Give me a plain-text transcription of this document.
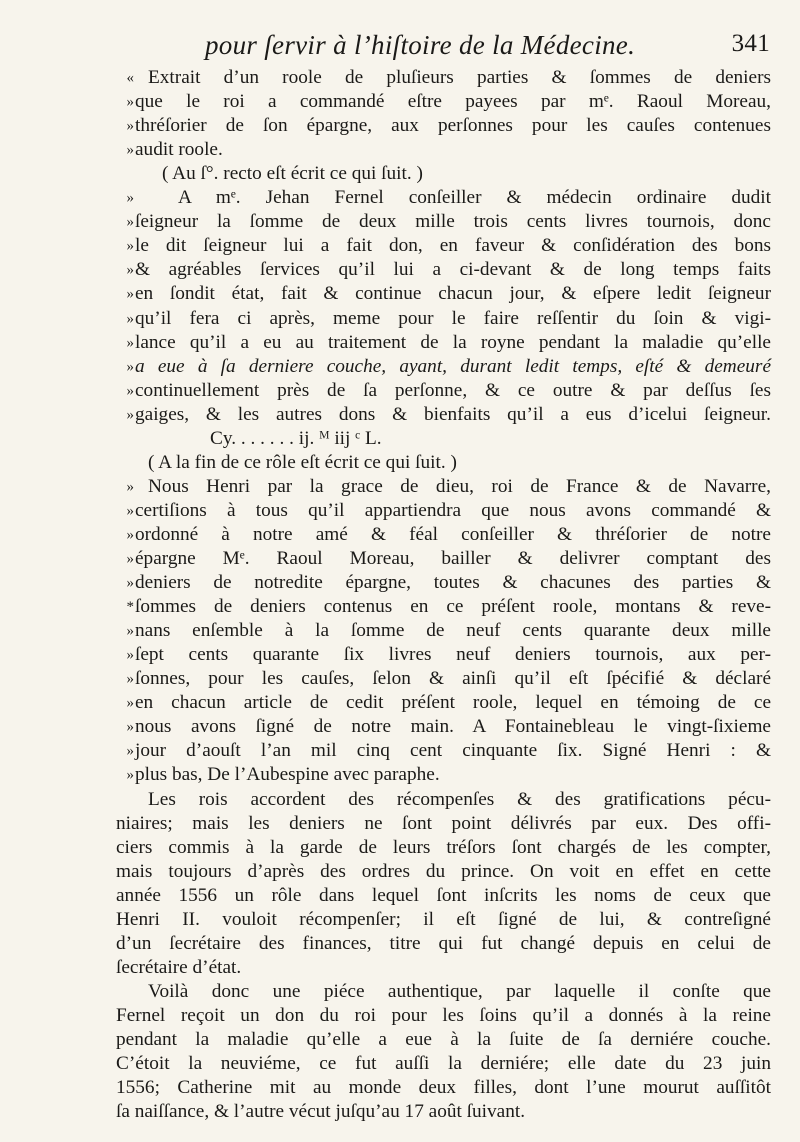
pour ſervir à l’hiſtoire de la Médecine.	341
« Extrait d’un roole de pluſieurs parties & ſommes de deniers
» que le roi a commandé eſtre payees par mᵉ. Raoul Moreau,
» thréſorier de ſon épargne, aux perſonnes pour les cauſes contenues
» audit roole.
( Au ſ°. recto eſt écrit ce qui ſuit. )
» A mᵉ. Jehan Fernel conſeiller & médecin ordinaire dudit
» ſeigneur la ſomme de deux mille trois cents livres tournois, donc
» le dit ſeigneur lui a fait don, en faveur & conſidération des bons
» & agréables ſervices qu’il lui a ci-devant & de long temps faits
» en ſondit état, fait & continue chacun jour, & eſpere ledit ſeigneur
» qu’il fera ci après, meme pour le faire reſſentir du ſoin & vigi-
» lance qu’il a eu au traitement de la royne pendant la maladie qu’elle
» a eue à ſa derniere couche, ayant, durant ledit temps, eſté & demeuré
» continuellement près de ſa perſonne, & ce outre & par deſſus ſes
» gaiges, & les autres dons & bienfaits qu’il a eus d’icelui ſeigneur.
Cy. . . . . . . ij. ᴹ iij ᶜ L.
( A la fin de ce rôle eſt écrit ce qui ſuit. )
» Nous Henri par la grace de dieu, roi de France & de Navarre,
» certiſions à tous qu’il appartiendra que nous avons commandé &
» ordonné à notre amé & féal conſeiller & thréſorier de notre
» épargne Mᵉ. Raoul Moreau, bailler & delivrer comptant des
» deniers de notredite épargne, toutes & chacunes des parties &
* ſommes de deniers contenus en ce préſent roole, montans & reve-
» nans enſemble à la ſomme de neuf cents quarante deux mille
» ſept cents quarante ſix livres neuf deniers tournois, aux per-
» ſonnes, pour les cauſes, ſelon & ainſi qu’il eſt ſpécifié & déclaré
» en chacun article de cedit préſent roole, lequel en témoing de ce
» nous avons ſigné de notre main. A Fontainebleau le vingt-ſixieme
» jour d’aouſt l’an mil cinq cent cinquante ſix. Signé Henri : &
» plus bas, De l’Aubespine avec paraphe.
Les rois accordent des récompenſes & des gratifications pécu-
niaires; mais les deniers ne ſont point délivrés par eux. Des offi-
ciers commis à la garde de leurs tréſors ſont chargés de les compter,
mais toujours d’après des ordres du prince. On voit en effet en cette
année 1556 un rôle dans lequel ſont inſcrits les noms de ceux que
Henri II. vouloit récompenſer; il eſt ſigné de lui, & contreſigné
d’un ſecrétaire des finances, titre qui fut changé depuis en celui de
ſecrétaire d’état.
Voilà donc une piéce authentique, par laquelle il conſte que
Fernel reçoit un don du roi pour les ſoins qu’il a donnés à la reine
pendant la maladie qu’elle a eue à la ſuite de ſa derniére couche.
C’étoit la neuviéme, ce fut auſſi la derniére; elle date du 23 juin
1556; Catherine mit au monde deux filles, dont l’une mourut auſſitôt
ſa naiſſance, & l’autre vécut juſqu’au 17 août ſuivant.
